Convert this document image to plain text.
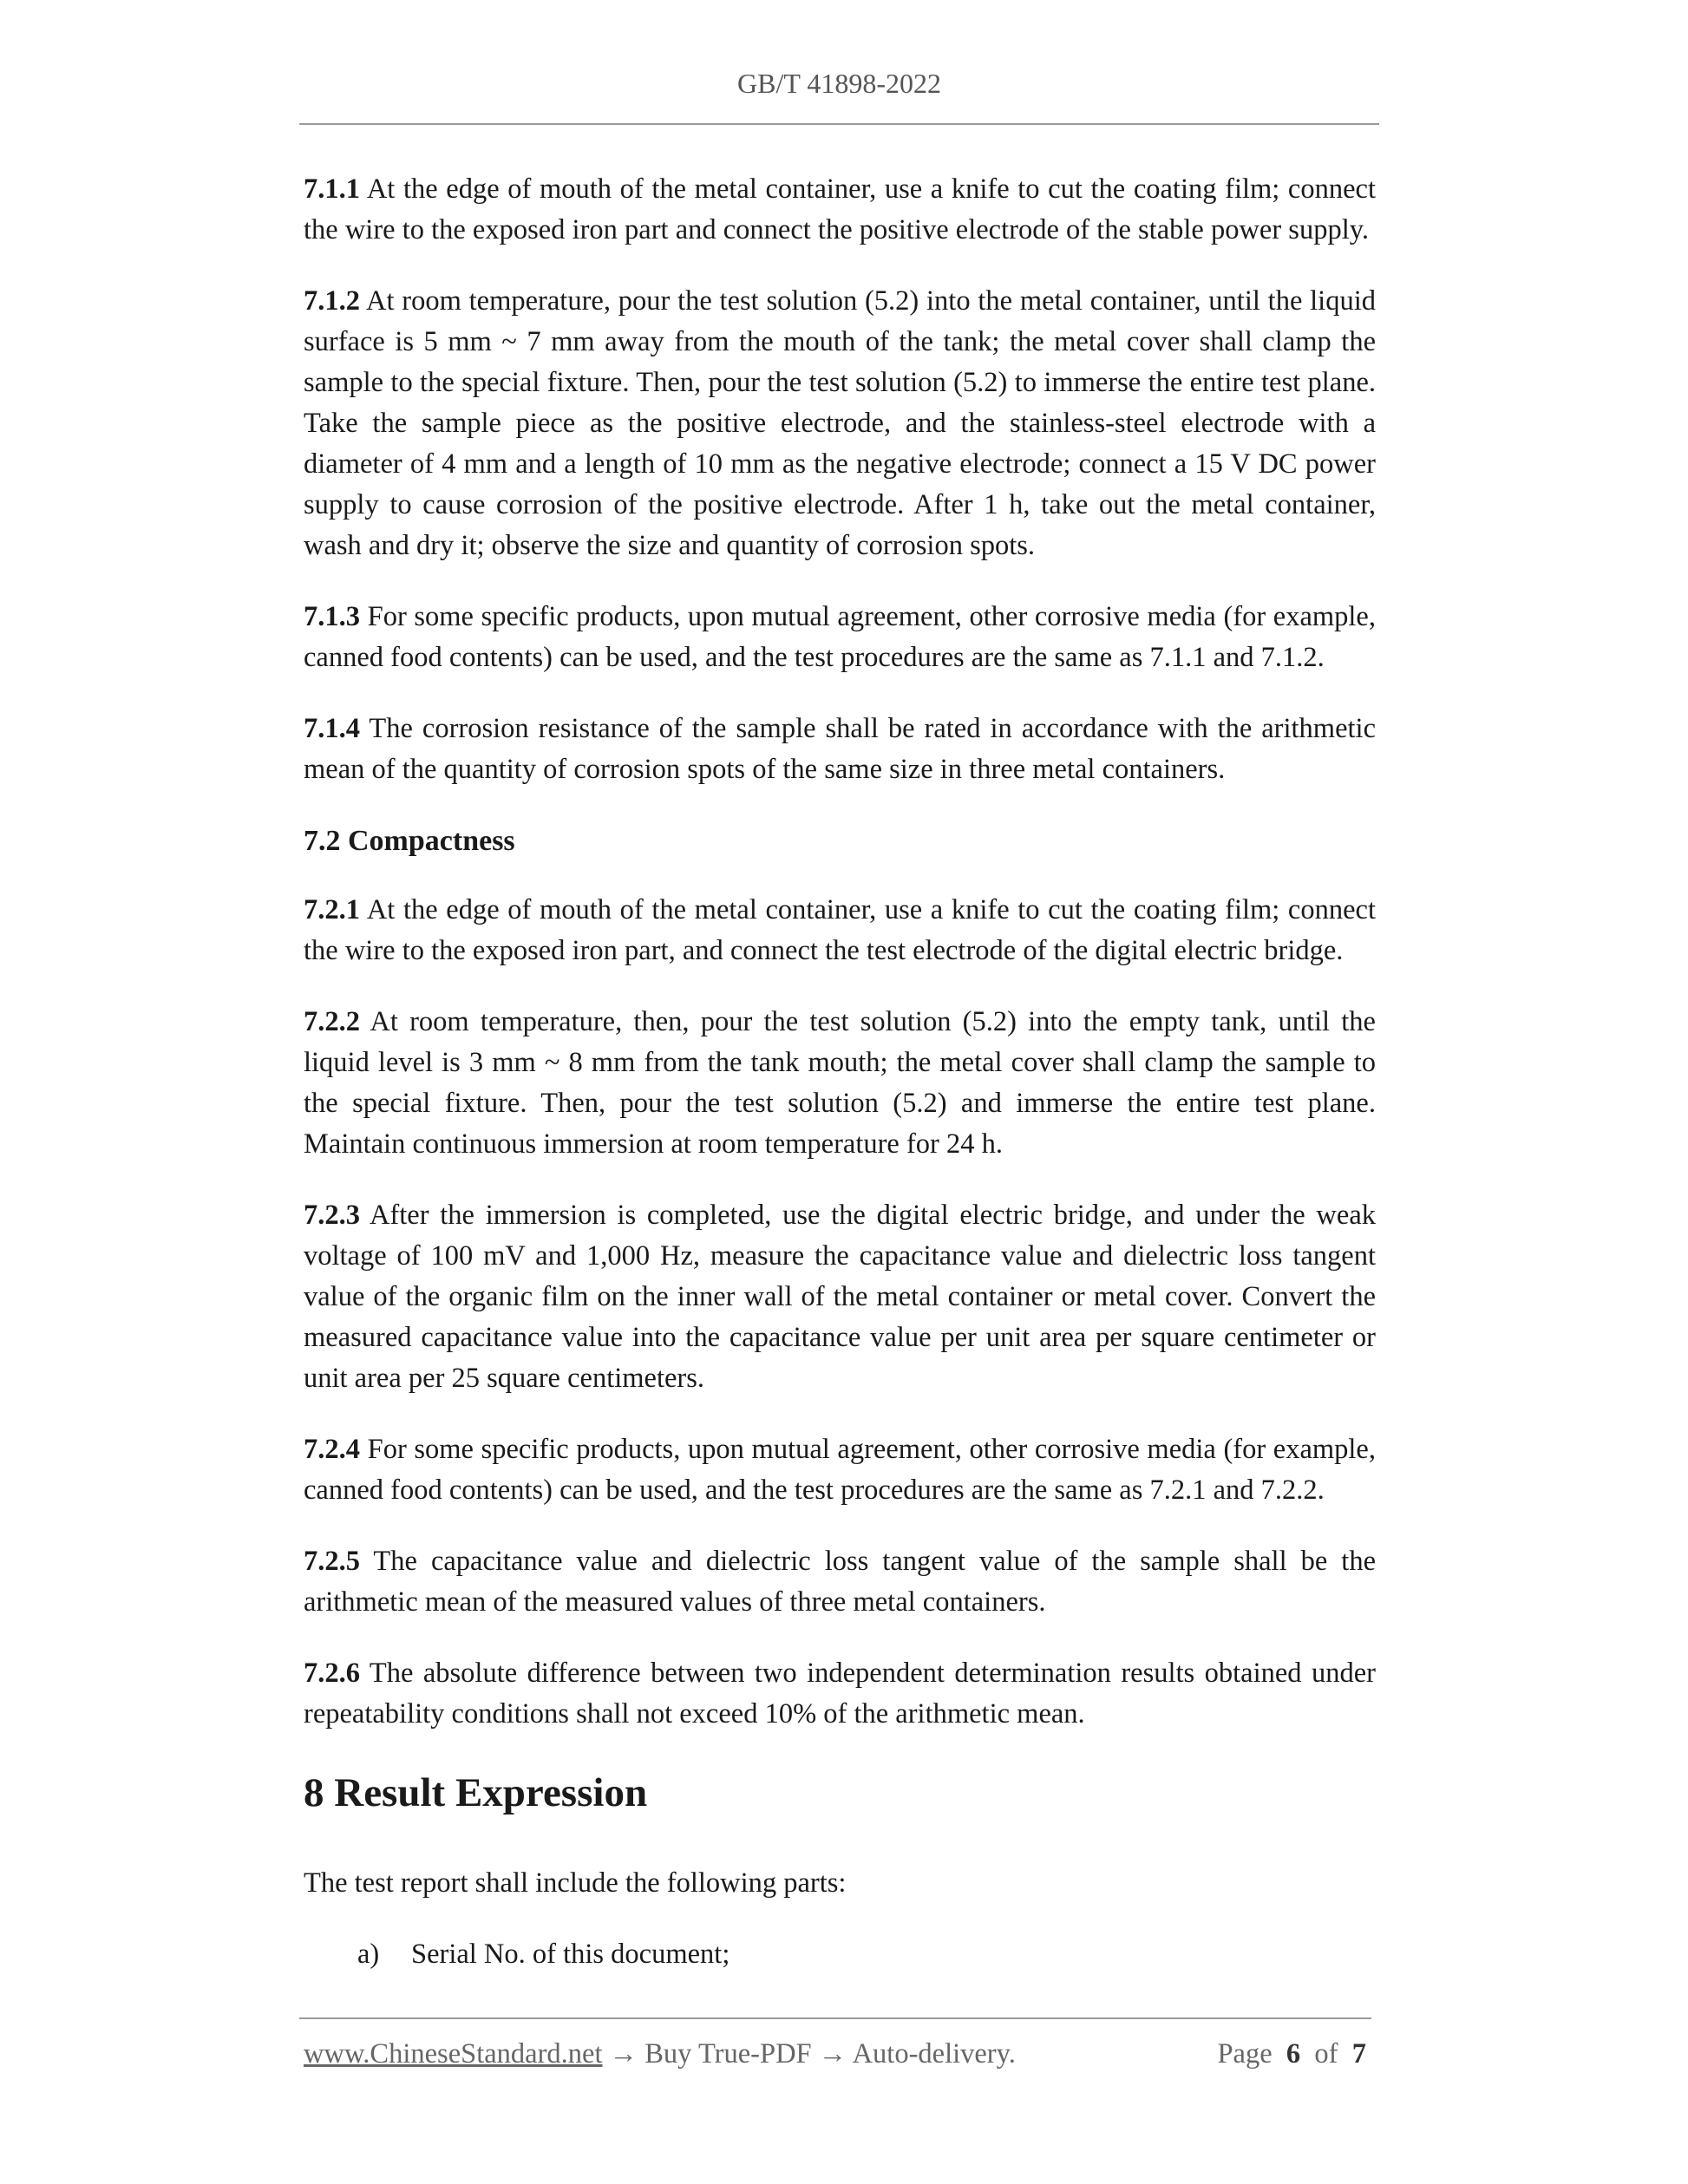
GB/T 41898-2022

7.1.1 At the edge of mouth of the metal container, use a knife to cut the coating film; connect the wire to the exposed iron part and connect the positive electrode of the stable power supply.

7.1.2 At room temperature, pour the test solution (5.2) into the metal container, until the liquid surface is 5 mm ~ 7 mm away from the mouth of the tank; the metal cover shall clamp the sample to the special fixture. Then, pour the test solution (5.2) to immerse the entire test plane. Take the sample piece as the positive electrode, and the stainless-steel electrode with a diameter of 4 mm and a length of 10 mm as the negative electrode; connect a 15 V DC power supply to cause corrosion of the positive electrode. After 1 h, take out the metal container, wash and dry it; observe the size and quantity of corrosion spots.

7.1.3 For some specific products, upon mutual agreement, other corrosive media (for example, canned food contents) can be used, and the test procedures are the same as 7.1.1 and 7.1.2.

7.1.4 The corrosion resistance of the sample shall be rated in accordance with the arithmetic mean of the quantity of corrosion spots of the same size in three metal containers.

7.2 Compactness

7.2.1 At the edge of mouth of the metal container, use a knife to cut the coating film; connect the wire to the exposed iron part, and connect the test electrode of the digital electric bridge.

7.2.2 At room temperature, then, pour the test solution (5.2) into the empty tank, until the liquid level is 3 mm ~ 8 mm from the tank mouth; the metal cover shall clamp the sample to the special fixture. Then, pour the test solution (5.2) and immerse the entire test plane. Maintain continuous immersion at room temperature for 24 h.

7.2.3 After the immersion is completed, use the digital electric bridge, and under the weak voltage of 100 mV and 1,000 Hz, measure the capacitance value and dielectric loss tangent value of the organic film on the inner wall of the metal container or metal cover. Convert the measured capacitance value into the capacitance value per unit area per square centimeter or unit area per 25 square centimeters.

7.2.4 For some specific products, upon mutual agreement, other corrosive media (for example, canned food contents) can be used, and the test procedures are the same as 7.2.1 and 7.2.2.

7.2.5 The capacitance value and dielectric loss tangent value of the sample shall be the arithmetic mean of the measured values of three metal containers.

7.2.6 The absolute difference between two independent determination results obtained under repeatability conditions shall not exceed 10% of the arithmetic mean.

8 Result Expression

The test report shall include the following parts:

a) Serial No. of this document;
www.ChineseStandard.net → Buy True-PDF → Auto-delivery.	Page 6 of 7
